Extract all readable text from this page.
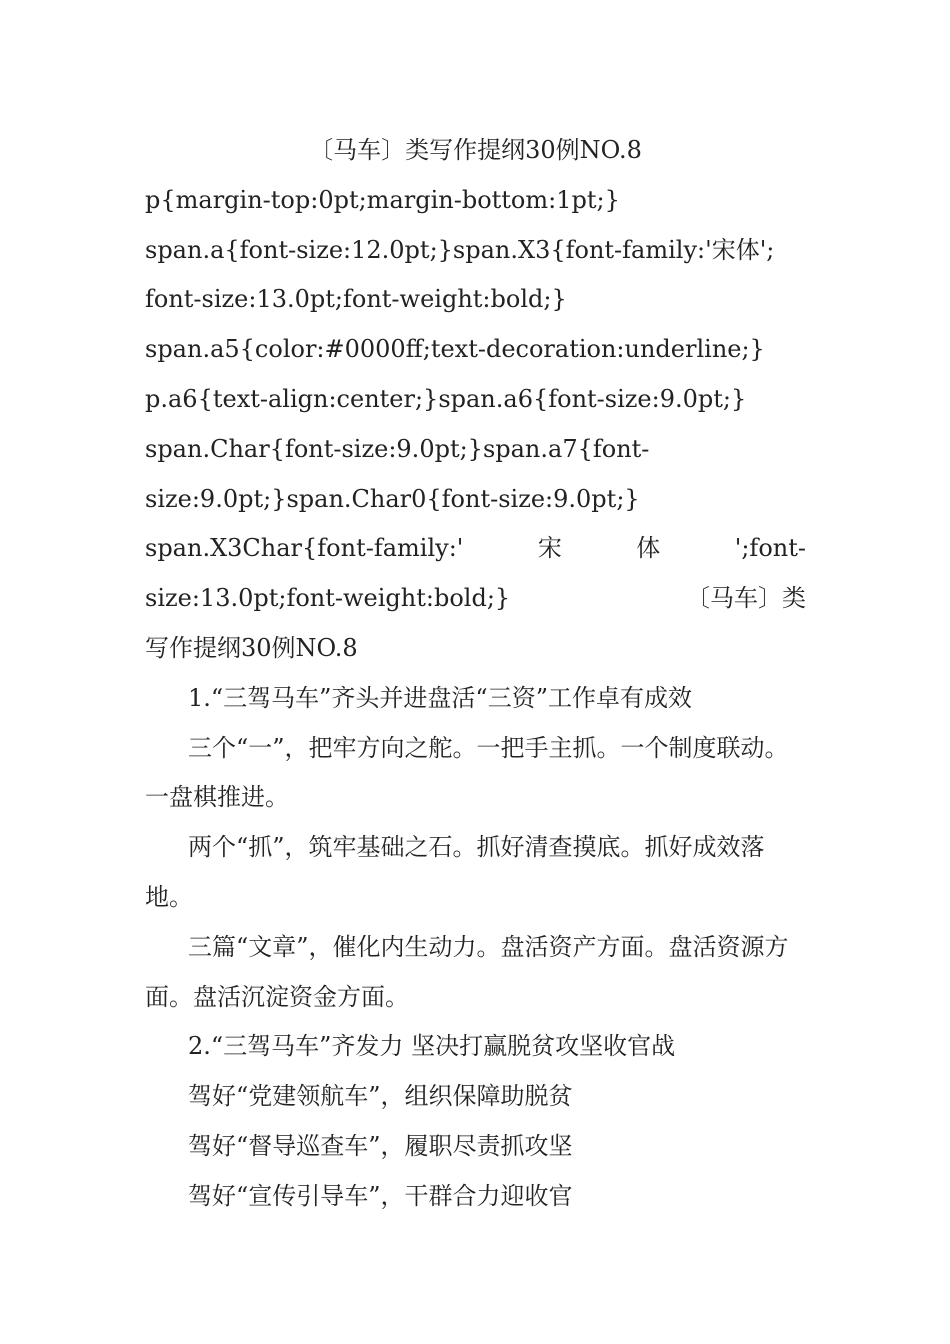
〔马车〕类写作提纲30例NO.8

p{margin-top:0pt;margin-bottom:1pt;}

span.a{font-size:12.0pt;}span.X3{font-family:'宋体';

font-size:13.0pt;font-weight:bold;}

span.a5{color:#0000ff;text-decoration:underline;}

p.a6{text-align:center;}span.a6{font-size:9.0pt;}

span.Char{font-size:9.0pt;}span.a7{font-

size:9.0pt;}span.Char0{font-size:9.0pt;}

span.X3Char{font-family:'	宋	体	';font-

size:13.0pt;font-weight:bold;}	〔马车〕类

写作提纲30例NO.8

1.“三驾马车”齐头并进盘活“三资”工作卓有成效

三个“一”，把牢方向之舵。一把手主抓。一个制度联动。一盘棋推进。

两个“抓”，筑牢基础之石。抓好清查摸底。抓好成效落地。

三篇“文章”，催化内生动力。盘活资产方面。盘活资源方面。盘活沉淀资金方面。

2.“三驾马车”齐发力 坚决打赢脱贫攻坚收官战

驾好“党建领航车”，组织保障助脱贫

驾好“督导巡查车”，履职尽责抓攻坚

驾好“宣传引导车”，干群合力迎收官
